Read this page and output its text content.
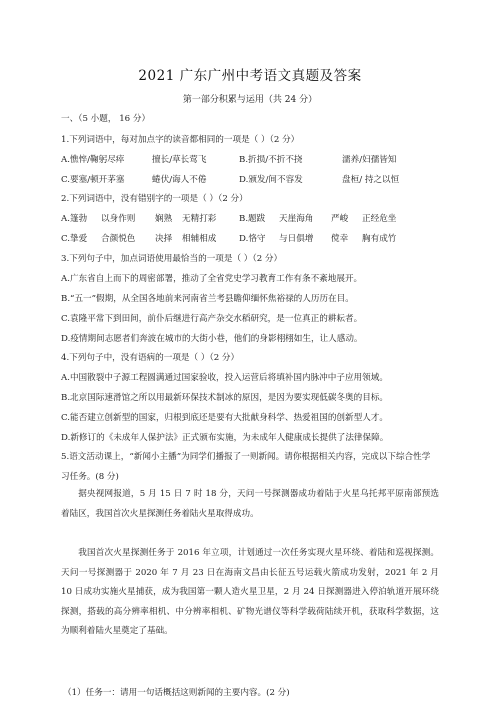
2021 广东广州中考语文真题及答案
第一部分积累与运用（共 24 分）
一、（5 小题， 16 分）
1.下列词语中，每对加点字的读音都相同的一项是（ ）（2 分）
A.憔悴/鞠躬尽瘁	擅长/草长莺飞	B.折损/不折不挠	濡养/妇孺皆知
C.要塞/顿开茅塞	蜷伏/诲人不倦	D.颁发/间不容发	盘桓/ 持之以恒
2.下列词语中，没有错别字的一项是（ ）（2 分）
A.篷勃 以身作则 娴熟 无精打彩	B.题跋 天崖海角 严峻 正经危坐
C.挚爱 合颜悦色 决择 相辅相成	D.恪守 与日俱增 傥幸 胸有成竹
3.下列句子中，加点词语使用最恰当的一项是（ ）（2 分）
A.广东省自上而下的周密部署，推动了全省党史学习教育工作有条不紊地展开。
B.“五一”假期，从全国各地前来河南省兰考县瞻仰缅怀焦裕禄的人历历在目。
C.袁隆平常下到田间，前仆后继进行高产杂交水稻研究，是一位真正的耕耘者。
D.疫情期间志愿者们奔波在城市的大街小巷，他们的身影栩栩如生，让人感动。
4.下列句子中，没有语病的一项是（ ）（2 分）
A.中国散裂中子源工程圆满通过国家验收，投入运营后将填补国内脉冲中子应用领域。
B.北京国际速滑馆之所以用最新环保技术制冰的原因，是因为要实现低碳冬奥的目标。
C.能否建立创新型的国家，归根到底还是要有大批献身科学、热爱祖国的创新型人才。
D.新修订的《未成年人保护法》正式颁布实施，为未成年人健康成长提供了法律保障。
5.语文活动课上，“新闻小主播”为同学们播报了一则新闻。请你根据相关内容，完成以下综合性学
习任务。(8 分)
据央视网报道，5 月 15 日 7 时 18 分，天问一号探测器成功着陆于火星乌托邦平原南部预选着陆区，我国首次火星探测任务着陆火星取得成功。
我国首次火星探测任务于 2016 年立项，计划通过一次任务实现火星环绕、着陆和巡视探测。天问一号探测器于 2020 年 7 月 23 日在海南文昌由长征五号运载火箭成功发射，2021 年 2 月 10 日成功实施火星捕获，成为我国第一颗人造火星卫星，2 月 24 日探测器进入停泊轨道开展环绕探测，搭载的高分辨率相机、中分辨率相机、矿物光谱仪等科学载荷陆续开机，获取科学数据，这为顺利着陆火星奠定了基础。
（1）任务一：请用一句话概括这则新闻的主要内容。(2 分)
